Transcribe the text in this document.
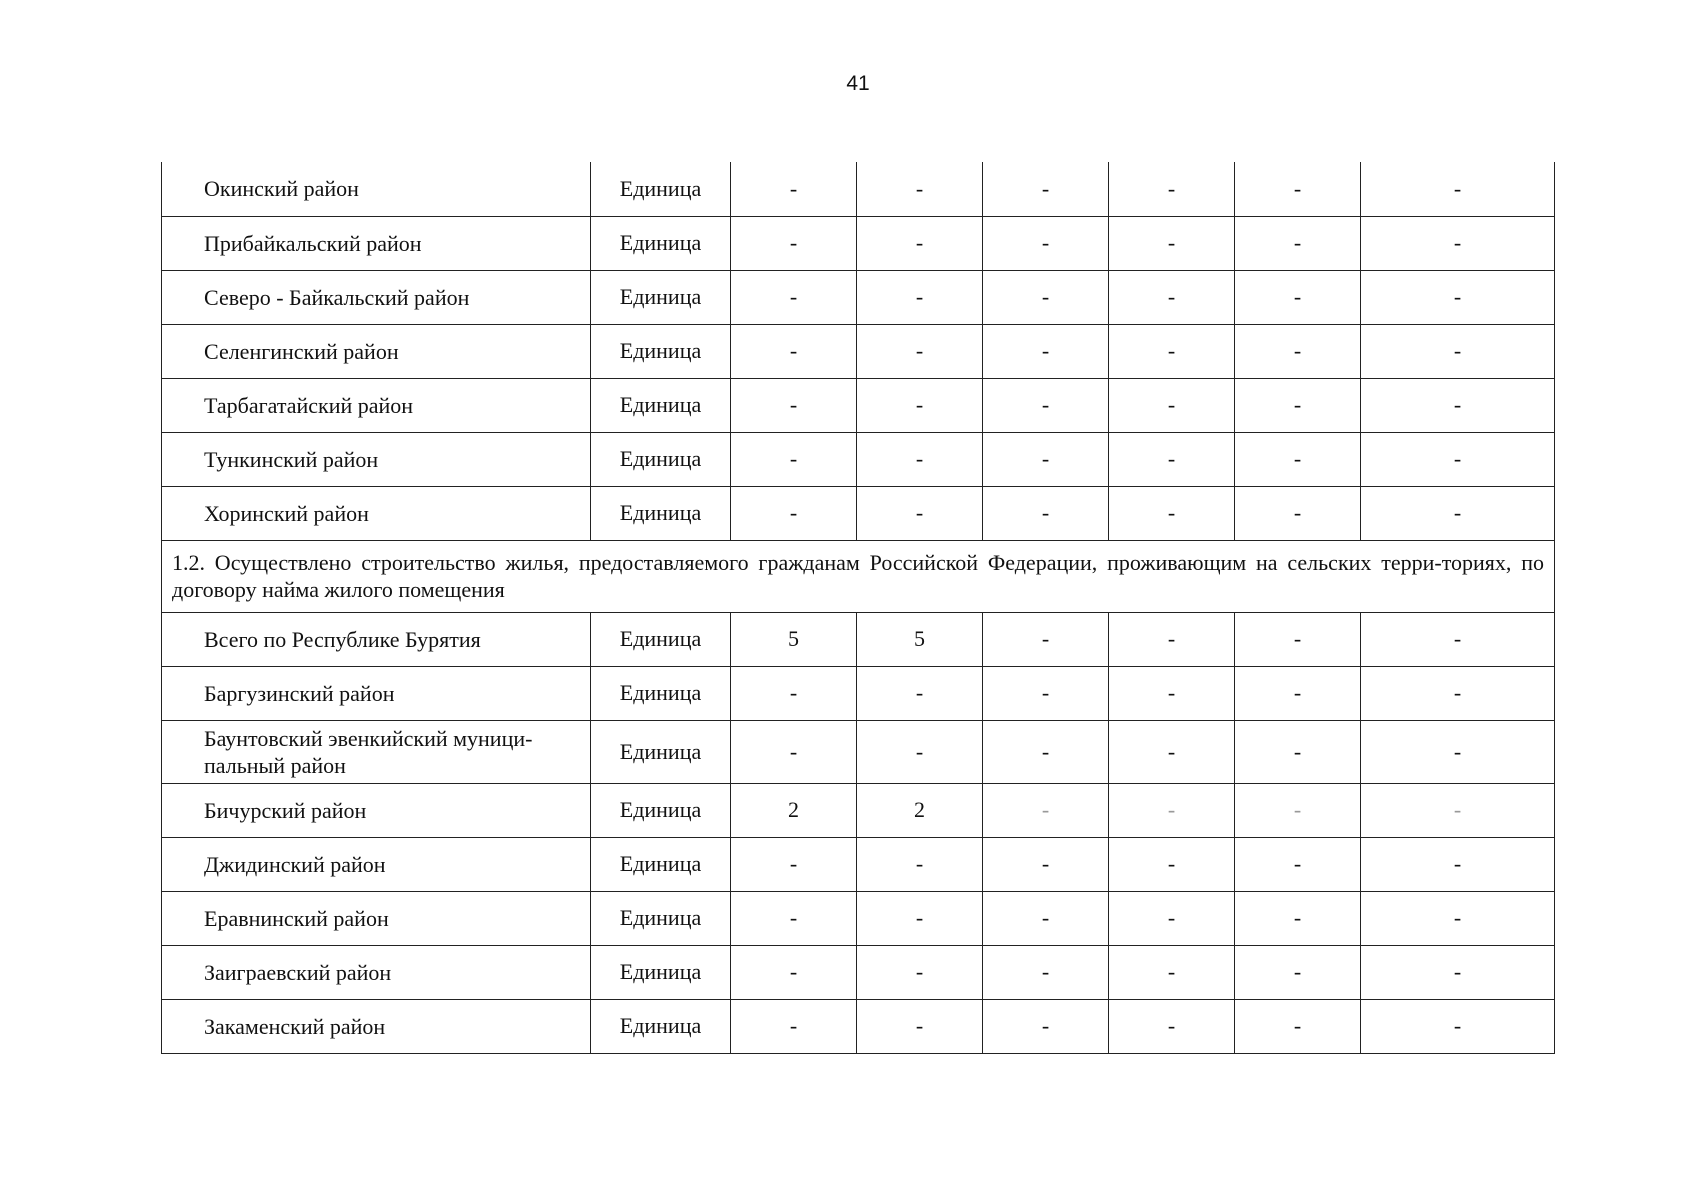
41
Окинский район	Единица	-	-	-	-	-	-
Прибайкальский район	Единица	-	-	-	-	-	-
Северо - Байкальский район	Единица	-	-	-	-	-	-
Селенгинский район	Единица	-	-	-	-	-	-
Тарбагатайский район	Единица	-	-	-	-	-	-
Тункинский район	Единица	-	-	-	-	-	-
Хоринский район	Единица	-	-	-	-	-	-
1.2. Осуществлено строительство жилья, предоставляемого гражданам Российской Федерации, проживающим на сельских терри-ториях, по договору найма жилого помещения							
Всего по Республике Бурятия	Единица	5	5	-	-	-	-
Баргузинский район	Единица	-	-	-	-	-	-
Баунтовский эвенкийский муници-пальный район	Единица	-	-	-	-	-	-
Бичурский район	Единица	2	2	-	-	-	-
Джидинский район	Единица	-	-	-	-	-	-
Еравнинский район	Единица	-	-	-	-	-	-
Заиграевский район	Единица	-	-	-	-	-	-
Закаменский район	Единица	-	-	-	-	-	-
